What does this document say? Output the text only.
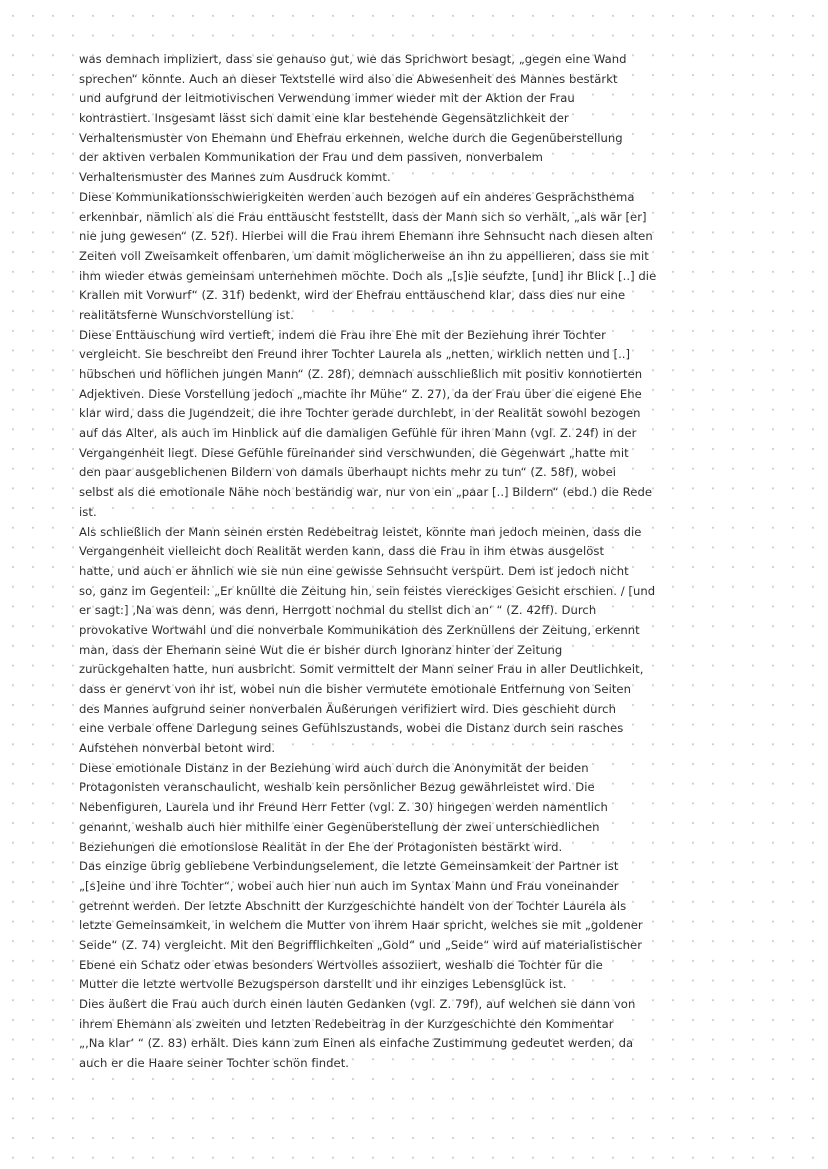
was demnach impliziert, dass sie genauso gut, wie das Sprichwort besagt, „gegen eine Wand
sprechen“ könnte. Auch an dieser Textstelle wird also die Abwesenheit des Mannes bestärkt
und aufgrund der leitmotivischen Verwendung immer wieder mit der Aktion der Frau
kontrastiert. Insgesamt lässt sich damit eine klar bestehende Gegensätzlichkeit der
Verhaltensmuster von Ehemann und Ehefrau erkennen, welche durch die Gegenüberstellung
der aktiven verbalen Kommunikation der Frau und dem passiven, nonverbalem
Verhaltensmuster des Mannes zum Ausdruck kommt.
Diese Kommunikationsschwierigkeiten werden auch bezogen auf ein anderes Gesprächsthema
erkennbar, nämlich als die Frau enttäuscht feststellt, dass der Mann sich so verhält, „als wär [er]
nie jung gewesen“ (Z. 52f). Hierbei will die Frau ihrem Ehemann ihre Sehnsucht nach diesen alten
Zeiten voll Zweisamkeit offenbaren, um damit möglicherweise an ihn zu appellieren, dass sie mit
ihm wieder etwas gemeinsam unternehmen möchte. Doch als „[s]ie seufzte, [und] ihr Blick [..] die
Krallen mit Vorwurf“ (Z. 31f) bedenkt, wird der Ehefrau enttäuschend klar, dass dies nur eine
realitätsferne Wunschvorstellung ist.
Diese Enttäuschung wird vertieft, indem die Frau ihre Ehe mit der Beziehung ihrer Tochter
vergleicht. Sie beschreibt den Freund ihrer Tochter Laurela als „netten, wirklich netten und [..]
hübschen und höflichen jungen Mann“ (Z. 28f), demnach ausschließlich mit positiv konnotierten
Adjektiven. Diese Vorstellung jedoch „machte ihr Mühe“ Z. 27), da der Frau über die eigene Ehe
klar wird, dass die Jugendzeit, die ihre Tochter gerade durchlebt, in der Realität sowohl bezogen
auf das Alter, als auch im Hinblick auf die damaligen Gefühle für ihren Mann (vgl. Z. 24f) in der
Vergangenheit liegt. Diese Gefühle füreinander sind verschwunden, die Gegenwart „hatte mit
den paar ausgeblichenen Bildern von damals überhaupt nichts mehr zu tun“ (Z. 58f), wobei
selbst als die emotionale Nähe noch beständig war, nur von ein „paar [..] Bildern“ (ebd.) die Rede
ist.
Als schließlich der Mann seinen ersten Redebeitrag leistet, könnte man jedoch meinen, dass die
Vergangenheit vielleicht doch Realität werden kann, dass die Frau in ihm etwas ausgelöst
hatte, und auch er ähnlich wie sie nun eine gewisse Sehnsucht verspürt. Dem ist jedoch nicht
so, ganz im Gegenteil: „Er knüllte die Zeitung hin, sein feistes viereckiges Gesicht erschien. / [und
er sagt:] ‚Na was denn, was denn, Herrgott nochmal du stellst dich an‘ “ (Z. 42ff). Durch
provokative Wortwahl und die nonverbale Kommunikation des Zerknüllens der Zeitung, erkennt
man, dass der Ehemann seine Wut die er bisher durch Ignoranz hinter der Zeitung
zurückgehalten hatte, nun ausbricht. Somit vermittelt der Mann seiner Frau in aller Deutlichkeit,
dass er genervt von ihr ist, wobei nun die bisher vermutete emotionale Entfernung von Seiten
des Mannes aufgrund seiner nonverbalen Äußerungen verifiziert wird. Dies geschieht durch
eine verbale offene Darlegung seines Gefühlszustands, wobei die Distanz durch sein rasches
Aufstehen nonverbal betont wird.
Diese emotionale Distanz in der Beziehung wird auch durch die Anonymität der beiden
Protagonisten veranschaulicht, weshalb kein persönlicher Bezug gewährleistet wird. Die
Nebenfiguren, Laurela und ihr Freund Herr Fetter (vgl. Z. 30) hingegen werden namentlich
genannt, weshalb auch hier mithilfe einer Gegenüberstellung der zwei unterschiedlichen
Beziehungen die emotionslose Realität in der Ehe der Protagonisten bestärkt wird.
Das einzige übrig gebliebene Verbindungselement, die letzte Gemeinsamkeit der Partner ist
„[s]eine und ihre Tochter“, wobei auch hier nun auch im Syntax Mann und Frau voneinander
getrennt werden. Der letzte Abschnitt der Kurzgeschichte handelt von der Tochter Laurela als
letzte Gemeinsamkeit, in welchem die Mutter von ihrem Haar spricht, welches sie mit „goldener
Seide“ (Z. 74) vergleicht. Mit den Begrifflichkeiten „Gold“ und „Seide“ wird auf materialistischer
Ebene ein Schatz oder etwas besonders Wertvolles assoziiert, weshalb die Tochter für die
Mutter die letzte wertvolle Bezugsperson darstellt und ihr einziges Lebensglück ist.
Dies äußert die Frau auch durch einen lauten Gedanken (vgl. Z. 79f), auf welchen sie dann von
ihrem Ehemann als zweiten und letzten Redebeitrag in der Kurzgeschichte den Kommentar
„‚Na klar‘ “ (Z. 83) erhält. Dies kann zum Einen als einfache Zustimmung gedeutet werden, da
auch er die Haare seiner Tochter schön findet.
